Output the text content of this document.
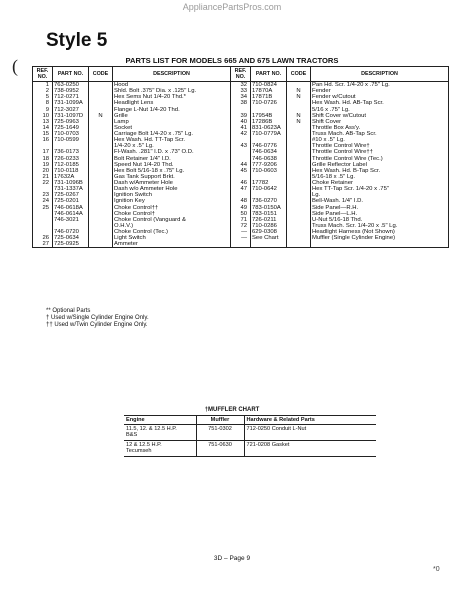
AppliancePartsPros.com
Style 5
(	PARTS LIST FOR MODELS 665 AND 675 LAWN TRACTORS
REF. NO.	PART NO.	CODE	DESCRIPTION	REF. NO.	PART NO.	CODE	DESCRIPTION
1	763-0250		Hood	32	710-0824		Pan Hd. Scr. 1/4-20 x .75" Lg.
2	738-0952		Shld. Bolt .375" Dia. x .125" Lg.	33	17870A	N	Fender
5	712-0271		Hex Sems Nut 1/4-20 Thd.*	34	17871B	N	Fender w/Cutout
8	731-1099A		Headlight Lens	38	710-0726		Hex Wash. Hd. AB-Tap Scr.
9	712-3027		Flange L-Nut 1/4-20 Thd.				5/16 x .75" Lg.
10	731-1097D	N	Grille	39	17954B	N	Shift Cover w/Cutout
13	725-0963		Lamp	40	17286B	N	Shift Cover
14	725-1649		Socket	41	831-0623A		Throttle Box Ass'y.
15	710-0703		Carriage Bolt 1/4-20 x .75" Lg.	42	710-0779A		Truss Mach. AB-Tap Scr.
16	710-0599		Hex Wash. Hd. TT-Tap Scr.				#10 x .5" Lg.
			1/4-20 x .5" Lg.	43	746-0776		Throttle Control Wire†
17	736-0173		Fl-Wash. .281" I.D. x .73" O.D.		746-0634		Throttle Control Wire††
18	726-0233		Bolt Retainer 1/4" I.D.		746-0638		Throttle Control Wire (Tec.)
19	712-0185		Speed Nut 1/4-20 Thd.	44	777-9206		Grille Reflector Label
20	710-0118		Hex Bolt 5/16-18 x .75" Lg.	45	710-0603		Hex Wash. Hd. B-Tap Scr.
21	17632A		Gas Tank Support Brkt.				5/16-18 x .5" Lg.
22	731-1096B		Dash w/Ammeter Hole	46	17782		Choke Retainer
	731-1337A		Dash w/o Ammeter Hole	47	710-0642		Hex TT-Tap Scr. 1/4-20 x .75"
23	725-0267		Ignition Switch				Lg.
24	725-0201		Ignition Key	48	736-0270		Bell-Wash. 1/4" I.D.
25	746-0618A		Choke Control††	49	783-0150A		Side Panel—R.H.
	746-0614A		Choke Control†	50	783-0151		Side Panel—L.H.
	746-3021		Choke Control (Vanguard &	71	726-0211		U-Nut 5/16-18 Thd.
			O.H.V.)	72	710-0286		Truss Mach. Scr. 1/4-20 x .5" Lg.
	746-0720		Choke Control (Tec.)	—	629-0308		Headlight Harness (Not Shown)
26	725-0634		Light Switch	—	See Chart		Muffler (Single Cylinder Engine)
27	725-0925		Ammeter				
** Optional Parts
† Used w/Single Cylinder Engine Only.
†† Used w/Twin Cylinder Engine Only.
†MUFFLER CHART
Engine	Muffler	Hardware & Related Parts

11.5, 12. & 12.5 H.P.
B&S	751-0302	712-0250 Conduit L-Nut

12 & 12.5 H.P.
Tecumseh	751-0630	721-0208 Gasket
3D – Page 9
*0
